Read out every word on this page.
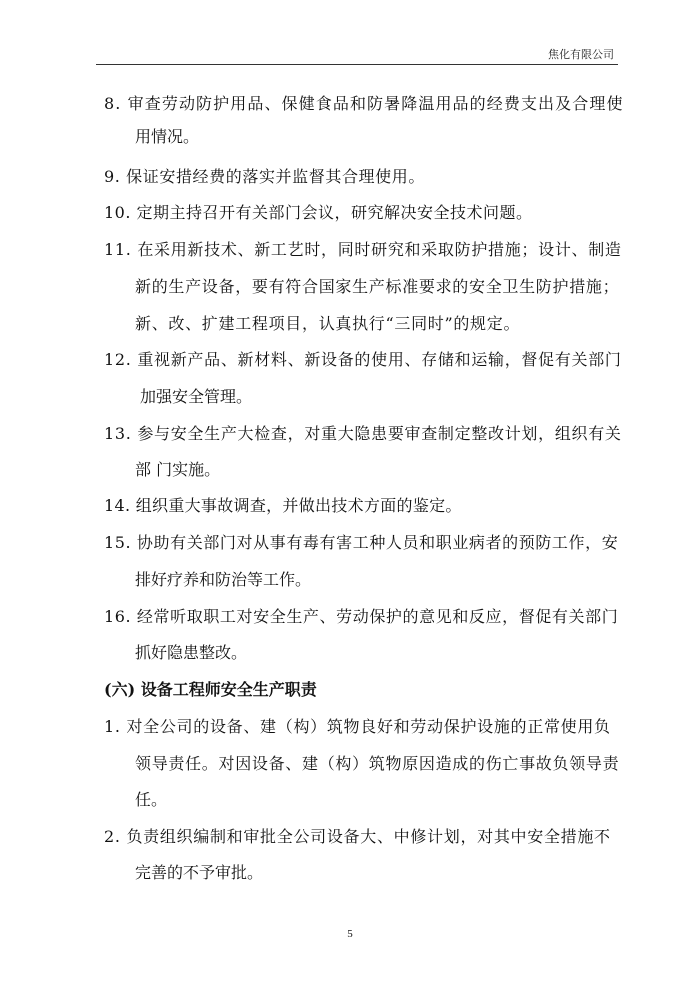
焦化有限公司
8. 审查劳动防护用品、保健食品和防暑降温用品的经费支出及合理使
用情况。
9. 保证安措经费的落实并监督其合理使用。
10. 定期主持召开有关部门会议，研究解决安全技术问题。
11. 在采用新技术、新工艺时，同时研究和采取防护措施；设计、制造
新的生产设备，要有符合国家生产标准要求的安全卫生防护措施；
新、改、扩建工程项目，认真执行“三同时”的规定。
12. 重视新产品、新材料、新设备的使用、存储和运输，督促有关部门
加强安全管理。
13. 参与安全生产大检查，对重大隐患要审查制定整改计划，组织有关
部 门实施。
14. 组织重大事故调查，并做出技术方面的鉴定。
15. 协助有关部门对从事有毒有害工种人员和职业病者的预防工作，安
排好疗养和防治等工作。
16. 经常听取职工对安全生产、劳动保护的意见和反应，督促有关部门
抓好隐患整改。
(六) 设备工程师安全生产职责
1. 对全公司的设备、建（构）筑物良好和劳动保护设施的正常使用负
领导责任。对因设备、建（构）筑物原因造成的伤亡事故负领导责
任。
2. 负责组织编制和审批全公司设备大、中修计划，对其中安全措施不
完善的不予审批。
5
